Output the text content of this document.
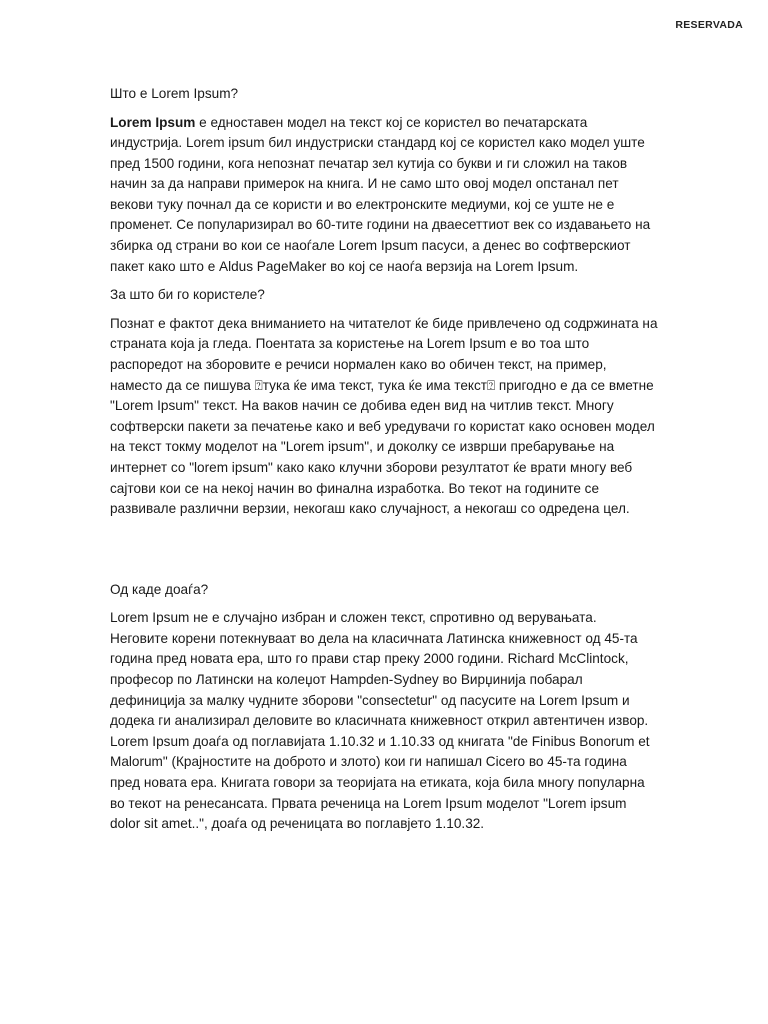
RESERVADA
Што е Lorem Ipsum?

Lorem Ipsum е едноставен модел на текст кој се користел во печатарската индустрија. Lorem ipsum бил индустриски стандард кој се користел како модел уште пред 1500 години, кога непознат печатар зел кутија со букви и ги сложил на таков начин за да направи примерок на книга. И не само што овој модел опстанал пет векови туку почнал да се користи и во електронските медиуми, кој се уште не е променет. Се популаризирал во 60-тите години на дваесеттиот век со издавањето на збирка од страни во кои се наоѓале Lorem Ipsum пасуси, а денес во софтверскиот пакет како што е Aldus PageMaker во кој се наоѓа верзија на Lorem Ipsum.

За што би го користеле?

Познат е фактот дека вниманието на читателот ќе биде привлечено од содржината на страната која ја гледа. Поентата за користење на Lorem Ipsum е во тоа што распоредот на зборовите е речиси нормален како во обичен текст, на пример, наместо да се пишува ⍰тука ќе има текст, тука ќе има текст⍰ пригодно е да се вметне "Lorem Ipsum" текст. На ваков начин се добива еден вид на читлив текст. Многу софтверски пакети за печатење како и веб уредувачи го користат како основен модел на текст токму моделот на "Lorem ipsum", и доколку се изврши пребарување на интернет со "lorem ipsum" како како клучни зборови резултатот ќе врати многу веб сајтови кои се на некој начин во финална изработка. Во текот на годините се развивале различни верзии, некогаш како случајност, а некогаш со одредена цел.

Од каде доаѓа?

Lorem Ipsum не е случајно избран и сложен текст, спротивно од верувањата. Неговите корени потекнуваат во дела на класичната Латинска книжевност од 45-та година пред новата ера, што го прави стар преку 2000 години. Richard McClintock, професор по Латински на колеџот Hampden-Sydney во Вирџинија побарал дефиниција за малку чудните зборови "consectetur" од пасусите на Lorem Ipsum и додека ги анализирал деловите во класичната книжевност открил автентичен извор. Lorem Ipsum доаѓа од поглавијата 1.10.32 и 1.10.33 од книгата "de Finibus Bonorum et Malorum" (Крајностите на доброто и злото) кои ги напишал Cicero во 45-та година пред новата ера. Книгата говори за теоријата на етиката, која била многу популарна во текот на ренесансата. Првата реченица на Lorem Ipsum моделот "Lorem ipsum dolor sit amet..", доаѓа од реченицата во поглавјето 1.10.32.
